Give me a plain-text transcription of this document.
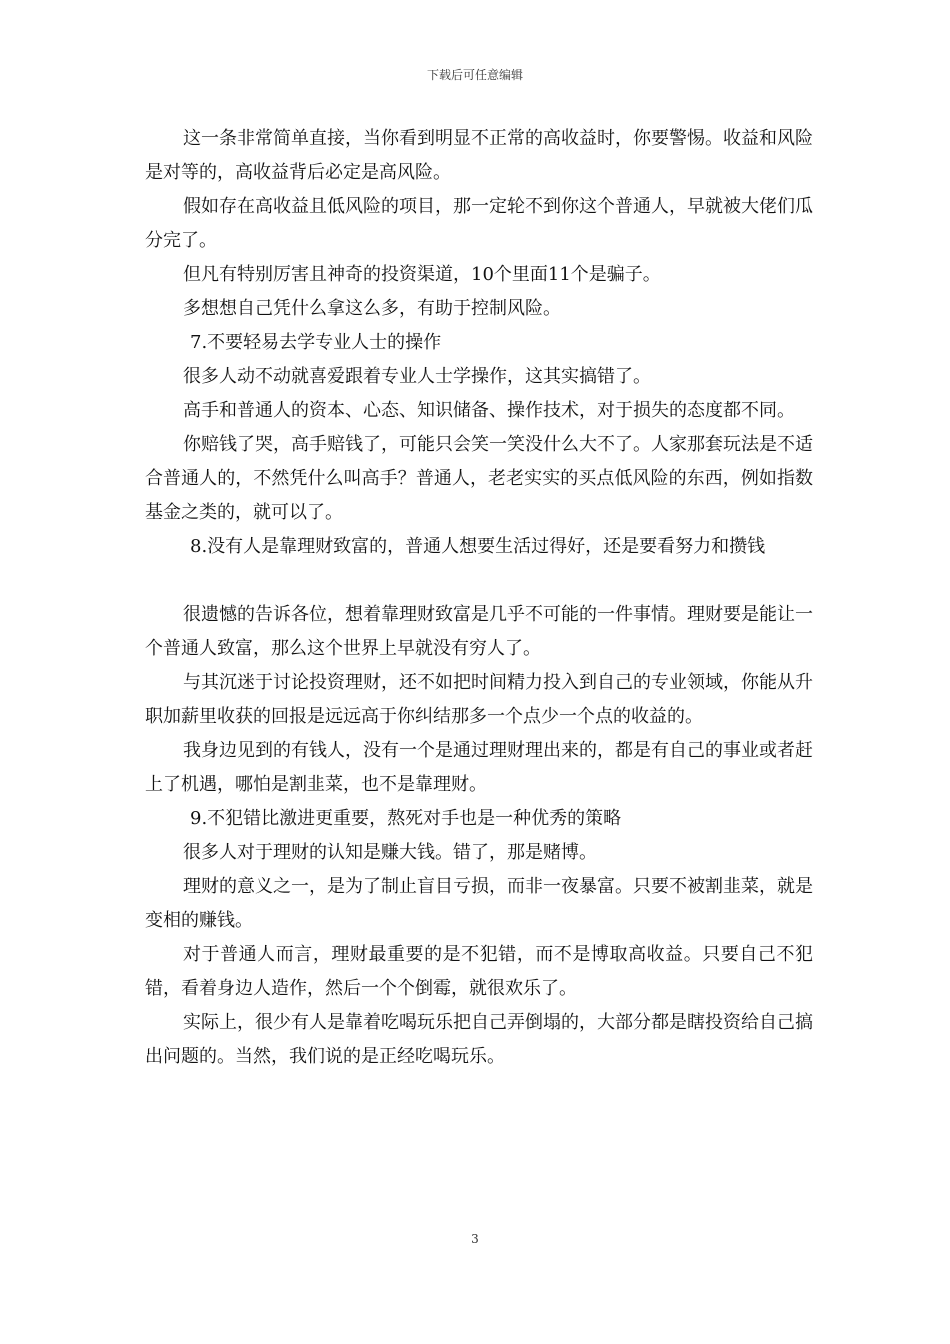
下载后可任意编辑

这一条非常简单直接，当你看到明显不正常的高收益时，你要警惕。收益和风险是对等的，高收益背后必定是高风险。

假如存在高收益且低风险的项目，那一定轮不到你这个普通人，早就被大佬们瓜分完了。

但凡有特别厉害且神奇的投资渠道，10个里面11个是骗子。

多想想自己凭什么拿这么多，有助于控制风险。

7.不要轻易去学专业人士的操作

很多人动不动就喜爱跟着专业人士学操作，这其实搞错了。

高手和普通人的资本、心态、知识储备、操作技术，对于损失的态度都不同。

你赔钱了哭，高手赔钱了，可能只会笑一笑没什么大不了。人家那套玩法是不适合普通人的，不然凭什么叫高手？普通人，老老实实的买点低风险的东西，例如指数基金之类的，就可以了。

8.没有人是靠理财致富的，普通人想要生活过得好，还是要看努力和攒钱

很遗憾的告诉各位，想着靠理财致富是几乎不可能的一件事情。理财要是能让一个普通人致富，那么这个世界上早就没有穷人了。

与其沉迷于讨论投资理财，还不如把时间精力投入到自己的专业领域，你能从升职加薪里收获的回报是远远高于你纠结那多一个点少一个点的收益的。

我身边见到的有钱人，没有一个是通过理财理出来的，都是有自己的事业或者赶上了机遇，哪怕是割韭菜，也不是靠理财。

9.不犯错比激进更重要，熬死对手也是一种优秀的策略

很多人对于理财的认知是赚大钱。错了，那是赌博。

理财的意义之一，是为了制止盲目亏损，而非一夜暴富。只要不被割韭菜，就是变相的赚钱。

对于普通人而言，理财最重要的是不犯错，而不是博取高收益。只要自己不犯错，看着身边人造作，然后一个个倒霉，就很欢乐了。

实际上，很少有人是靠着吃喝玩乐把自己弄倒塌的，大部分都是瞎投资给自己搞出问题的。当然，我们说的是正经吃喝玩乐。

3
